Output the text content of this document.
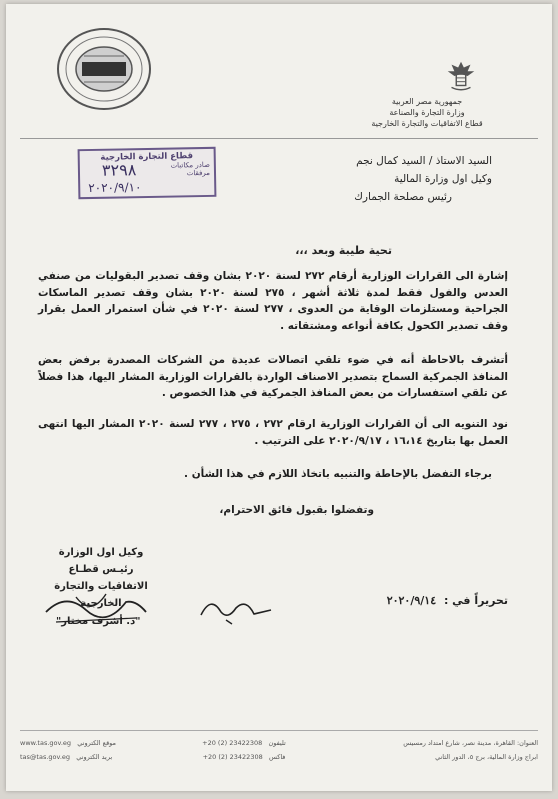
جمهورية مصر العربية
وزارة التجارة والصناعة
قطاع الاتفاقيات والتجارة الخارجية
قطاع التجارة الخارجية
صادر مكاتبات
مرفقات
٣٢٩٨
٢٠٢٠/٩/١٠
السيد الاستاذ / السيد كمال نجم
وكيل اول وزارة المالية
رئيس مصلحة الجمارك
تحية طيبة وبعد ،،،
إشارة الى القرارات الوزارية أرقام ٢٧٢ لسنة ٢٠٢٠ بشان وقف تصدير البقوليات من صنفي العدس والفول فقط لمدة ثلاثة أشهر ، ٢٧٥ لسنة ٢٠٢٠ بشان وقف تصدير الماسكات الجراحية ومستلزمات الوقاية من العدوى ، ٢٧٧ لسنة ٢٠٢٠ في شأن استمرار العمل بقرار وقف تصدير الكحول بكافة أنواعه ومشتقاته .
أتشرف بالاحاطة أنه في ضوء تلقي اتصالات عديدة من الشركات المصدرة برفض بعض المنافذ الجمركية السماح بتصدير الاصناف الواردة بالقرارات الوزارية المشار اليها، هذا فضلاً عن تلقي استفسارات من بعض المنافذ الجمركية في هذا الخصوص .
نود التنويه الى أن القرارات الوزارية ارقام ٢٧٢ ، ٢٧٥ ، ٢٧٧ لسنة ٢٠٢٠ المشار اليها انتهى العمل بها بتاريخ ١٦،١٤ ، ٢٠٢٠/٩/١٧ على الترتيب .
برجاء التفضل بالإحاطة والتنبيه باتخاذ اللازم في هذا الشأن .
وتفضلوا بقبول فائق الاحترام،
وكيل اول الوزارة
رئيـس قطـاع
الاتفاقيات والتجارة الخارجية
"د. أشرف مختار"
تحريراً في : ٢٠٢٠/٩/١٤
www.tas.gov.eg موقع الكتروني	+20 (2) 23422308 تليفون	العنوان: القاهرة، مدينة نصر، شارع امتداد رمسيس
tas@tas.gov.eg بريد الكتروني	+20 (2) 23422308 فاكس	ابراج وزارة المالية، برج ٥، الدور الثاني
